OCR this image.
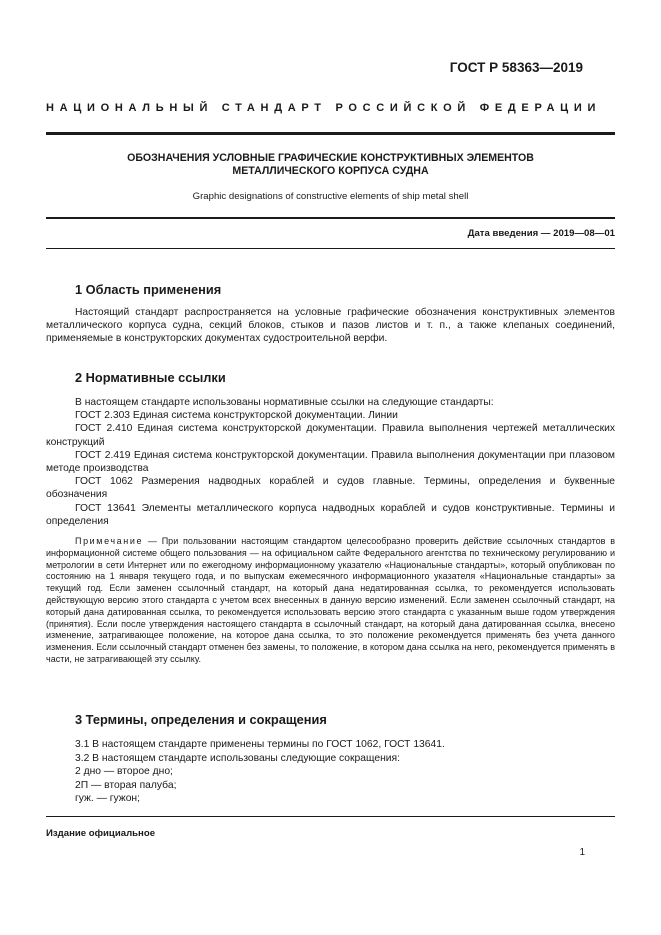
ГОСТ Р 58363—2019
НАЦИОНАЛЬНЫЙ СТАНДАРТ РОССИЙСКОЙ ФЕДЕРАЦИИ
ОБОЗНАЧЕНИЯ УСЛОВНЫЕ ГРАФИЧЕСКИЕ КОНСТРУКТИВНЫХ ЭЛЕМЕНТОВ
МЕТАЛЛИЧЕСКОГО КОРПУСА СУДНА
Graphic designations of constructive elements of ship metal shell
Дата введения — 2019—08—01
1 Область применения
Настоящий стандарт распространяется на условные графические обозначения конструктивных элементов металлического корпуса судна, секций блоков, стыков и пазов листов и т. п., а также клепаных соединений, применяемые в конструкторских документах судостроительной верфи.
2 Нормативные ссылки

В настоящем стандарте использованы нормативные ссылки на следующие стандарты:

ГОСТ 2.303 Единая система конструкторской документации. Линии

ГОСТ 2.410 Единая система конструкторской документации. Правила выполнения чертежей металлических конструкций

ГОСТ 2.419 Единая система конструкторской документации. Правила выполнения документации при плазовом методе производства

ГОСТ 1062 Размерения надводных кораблей и судов главные. Термины, определения и буквенные обозначения

ГОСТ 13641 Элементы металлического корпуса надводных кораблей и судов конструктивные. Термины и определения

Примечание — При пользовании настоящим стандартом целесообразно проверить действие ссылочных стандартов в информационной системе общего пользования — на официальном сайте Федерального агентства по техническому регулированию и метрологии в сети Интернет или по ежегодному информационному указателю «Национальные стандарты», который опубликован по состоянию на 1 января текущего года, и по выпускам ежемесячного информационного указателя «Национальные стандарты» за текущий год. Если заменен ссылочный стандарт, на который дана недатированная ссылка, то рекомендуется использовать действующую версию этого стандарта с учетом всех внесенных в данную версию изменений. Если заменен ссылочный стандарт, на который дана датированная ссылка, то рекомендуется использовать версию этого стандарта с указанным выше годом утверждения (принятия). Если после утверждения настоящего стандарта в ссылочный стандарт, на который дана датированная ссылка, внесено изменение, затрагивающее положение, на которое дана ссылка, то это положение рекомендуется применять без учета данного изменения. Если ссылочный стандарт отменен без замены, то положение, в котором дана ссылка на него, рекомендуется применять в части, не затрагивающей эту ссылку.
3 Термины, определения и сокращения
3.1 В настоящем стандарте применены термины по ГОСТ 1062, ГОСТ 13641.
3.2 В настоящем стандарте использованы следующие сокращения:
2 дно — второе дно;
2П — вторая палуба;
гуж. — гужон;
Издание официальное
1
